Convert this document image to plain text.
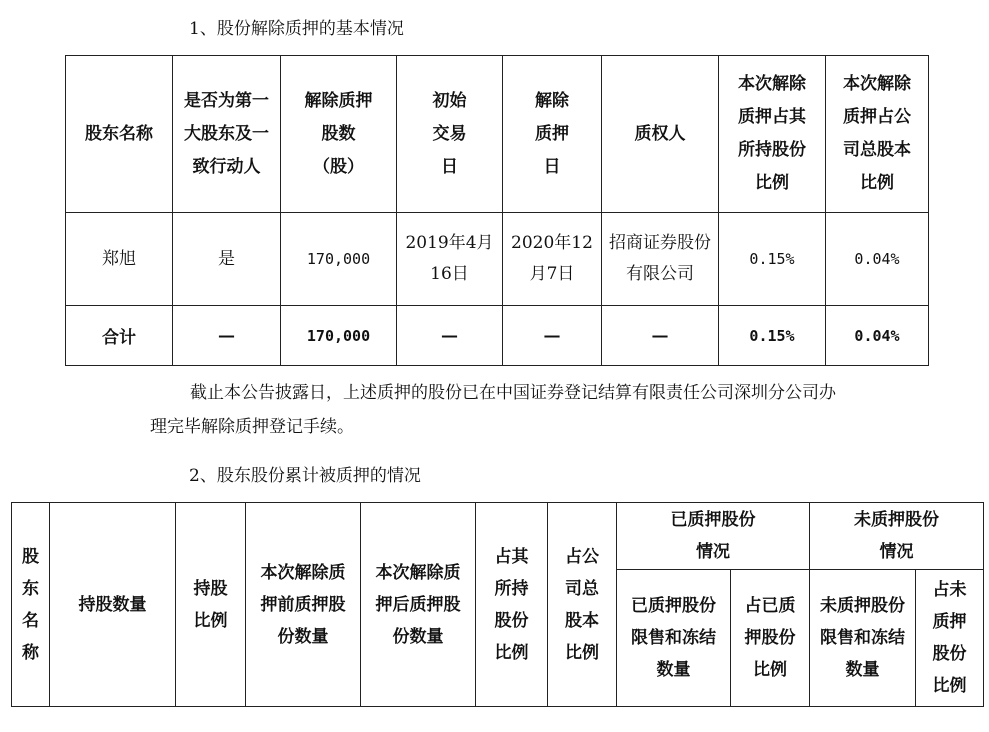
1、股份解除质押的基本情况
股东名称	是否为第一大股东及一致行动人	解除质押股数（股）	初始交易日	解除质押日	质权人	本次解除质押占其所持股份比例	本次解除质押占公司总股本比例
郑旭	是	170,000	2019年4月16日	2020年12月7日	招商证券股份有限公司	0.15%	0.04%
合计	—	170,000	—	—	—	0.15%	0.04%
截止本公告披露日，上述质押的股份已在中国证券登记结算有限责任公司深圳分公司办理完毕解除质押登记手续。
2、股东股份累计被质押的情况
股东名称	持股数量	持股比例	本次解除质押前质押股份数量	本次解除质押后质押股份数量	占其所持股份比例	占公司总股本比例	已质押股份情况		未质押股份情况	
							已质押股份限售和冻结数量	占已质押股份比例	未质押股份限售和冻结数量	占未质押股份比例
